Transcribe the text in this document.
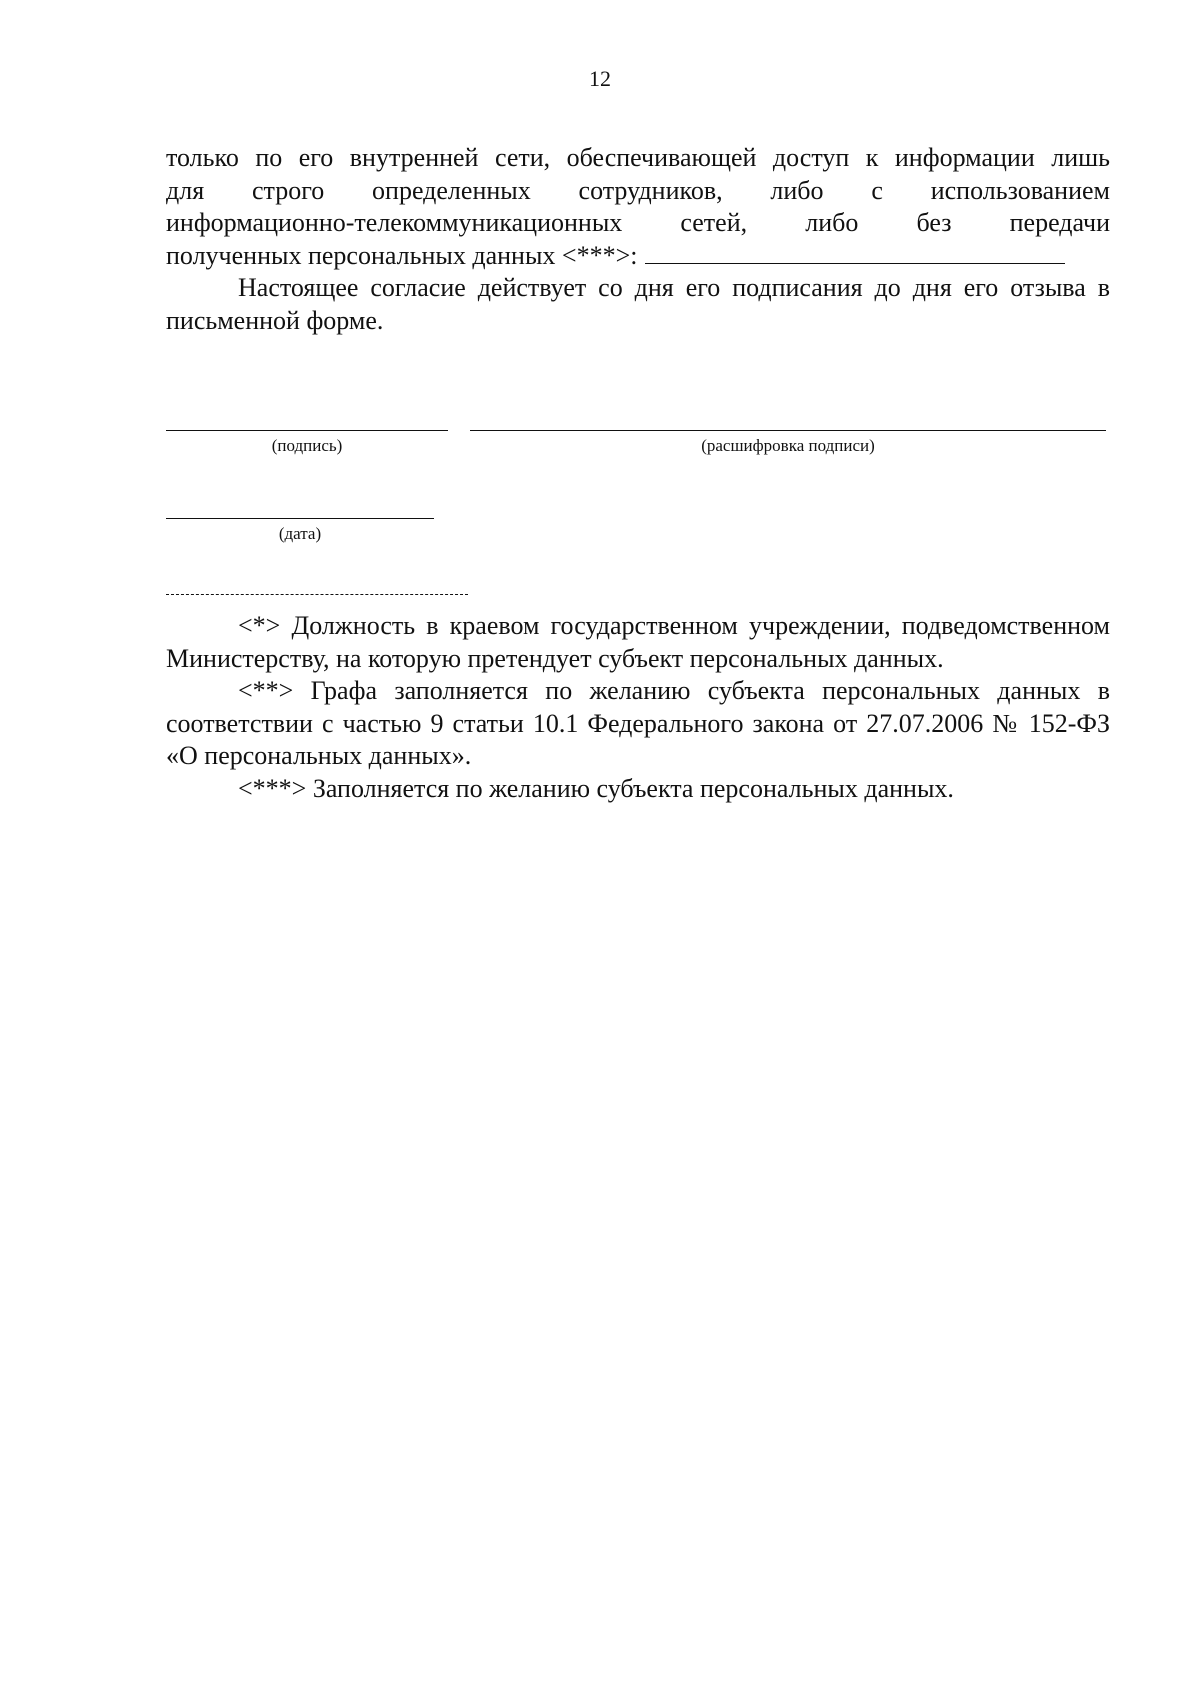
12

только по его внутренней сети, обеспечивающей доступ к информации лишь

для строго определенных сотрудников, либо с использованием

информационно-телекоммуникационных сетей, либо без передачи

полученных персональных данных <***>:

Настоящее согласие действует со дня его подписания до дня его отзыва в письменной форме.

(подпись)	(расшифровка подписи)
(дата)

<*> Должность в краевом государственном учреждении, подведомственном Министерству, на которую претендует субъект персональных данных.

<**> Графа заполняется по желанию субъекта персональных данных в соответствии с частью 9 статьи 10.1 Федерального закона от 27.07.2006 № 152-ФЗ «О персональных данных».

<***> Заполняется по желанию субъекта персональных данных.
